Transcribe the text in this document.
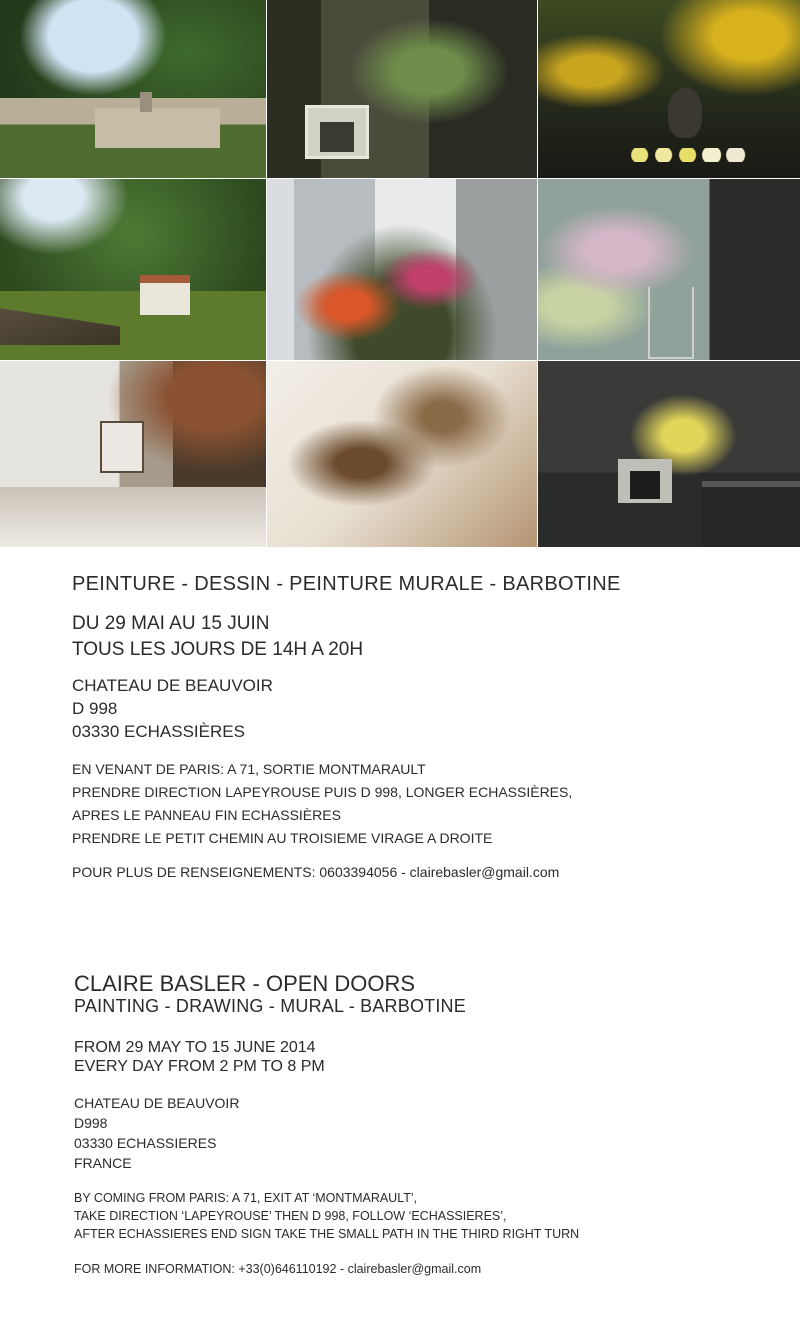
PEINTURE - DESSIN - PEINTURE MURALE - BARBOTINE
DU 29 MAI AU 15 JUIN
TOUS LES JOURS DE 14H A 20H
CHATEAU DE BEAUVOIR
D 998
03330 ECHASSIÈRES
EN VENANT DE PARIS: A 71, SORTIE MONTMARAULT
PRENDRE DIRECTION LAPEYROUSE PUIS D 998, LONGER ECHASSIÈRES,
APRES LE PANNEAU FIN ECHASSIÈRES
PRENDRE LE PETIT CHEMIN AU TROISIEME VIRAGE A DROITE
POUR PLUS DE RENSEIGNEMENTS: 0603394056 - clairebasler@gmail.com
CLAIRE BASLER - OPEN DOORS
PAINTING - DRAWING - MURAL - BARBOTINE
FROM 29 MAY TO 15 JUNE 2014
EVERY DAY FROM 2 PM TO 8 PM
CHATEAU DE BEAUVOIR
D998
03330 ECHASSIERES
FRANCE
BY COMING FROM PARIS: A 71, EXIT AT ‘MONTMARAULT’,
TAKE DIRECTION ‘LAPEYROUSE’ THEN D 998, FOLLOW ‘ECHASSIERES’,
AFTER ECHASSIERES END SIGN TAKE THE SMALL PATH IN THE THIRD RIGHT TURN
FOR MORE INFORMATION: +33(0)646110192 - clairebasler@gmail.com
